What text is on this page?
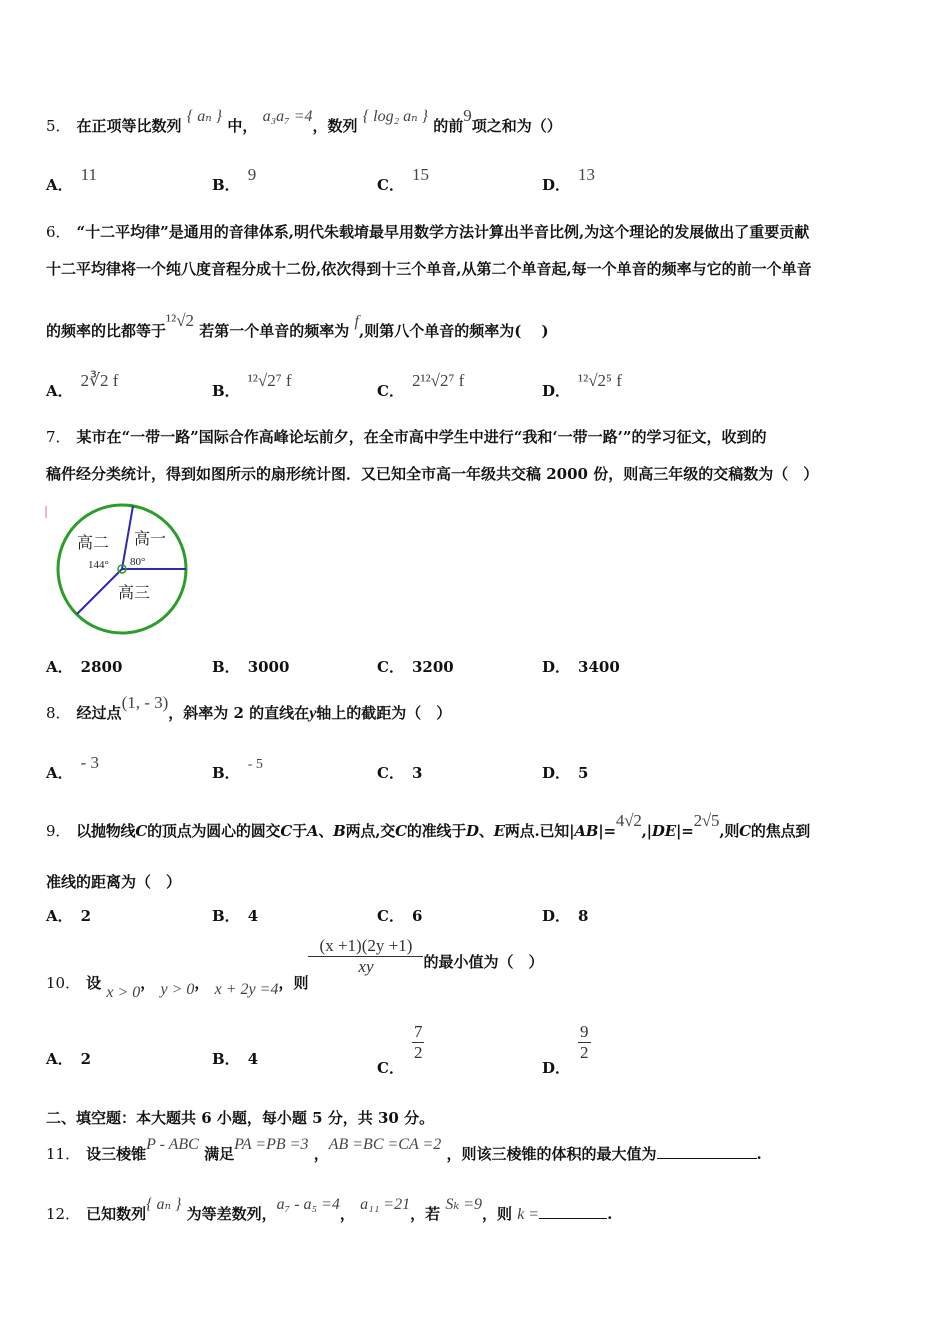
5． 在正项等比数列 { aₙ } 中， a₃a₇ =4，数列 { log₂ aₙ } 的前9项之和为（）
A．11
B．9
C．15
D．13
6． “十二平均律”是通用的音律体系,明代朱载堉最早用数学方法计算出半音比例,为这个理论的发展做出了重要贡献
十二平均律将一个纯八度音程分成十二份,依次得到十三个单音,从第二个单音起,每一个单音的频率与它的前一个单音
的频率的比都等于¹²√2 若第一个单音的频率为 f,则第八个单音的频率为(　 )
A．2∛2 f
B．¹²√2⁷ f
C．2¹²√2⁷ f
D．¹²√2⁵ f
7． 某市在“一带一路”国际合作高峰论坛前夕，在全市高中学生中进行“我和‘一带一路’”的学习征文，收到的
稿件经分类统计，得到如图所示的扇形统计图．又已知全市高一年级共交稿 2000 份，则高三年级的交稿数为（　）
高二 高一
高三
144° 80°
A． 2800	B． 3000	C． 3200	D． 3400
8． 经过点(1, - 3)，斜率为 2 的直线在y轴上的截距为（　）
A．- 3
B． - 5	C． 3	D． 5
9． 以抛物线C的顶点为圆心的圆交C于A、B两点,交C的准线于D、E两点.已知|AB|=4√2,|DE|=2√5,则C的焦点到
准线的距离为（　）
A． 2	B． 4	C． 6	D． 8
10． 设 x > 0， y > 0， x + 2y =4，则
$\frac{(x +1)(2y +1)}{xy}$ 的最小值为（　）
A． 2	B． 4	C．
$\frac{7}{2}$
D．
$\frac{9}{2}$
二、填空题：本大题共 6 小题，每小题 5 分，共 30 分。
11． 设三棱锥P - ABC 满足PA =PB =3 ，AB =BC =CA =2 ，则该三棱锥的体积的最大值为	.
12． 已知数列{ aₙ } 为等差数列，a₇ - a₅ =4， a₁₁ =21，若 Sₖ =9，则 k =	.
